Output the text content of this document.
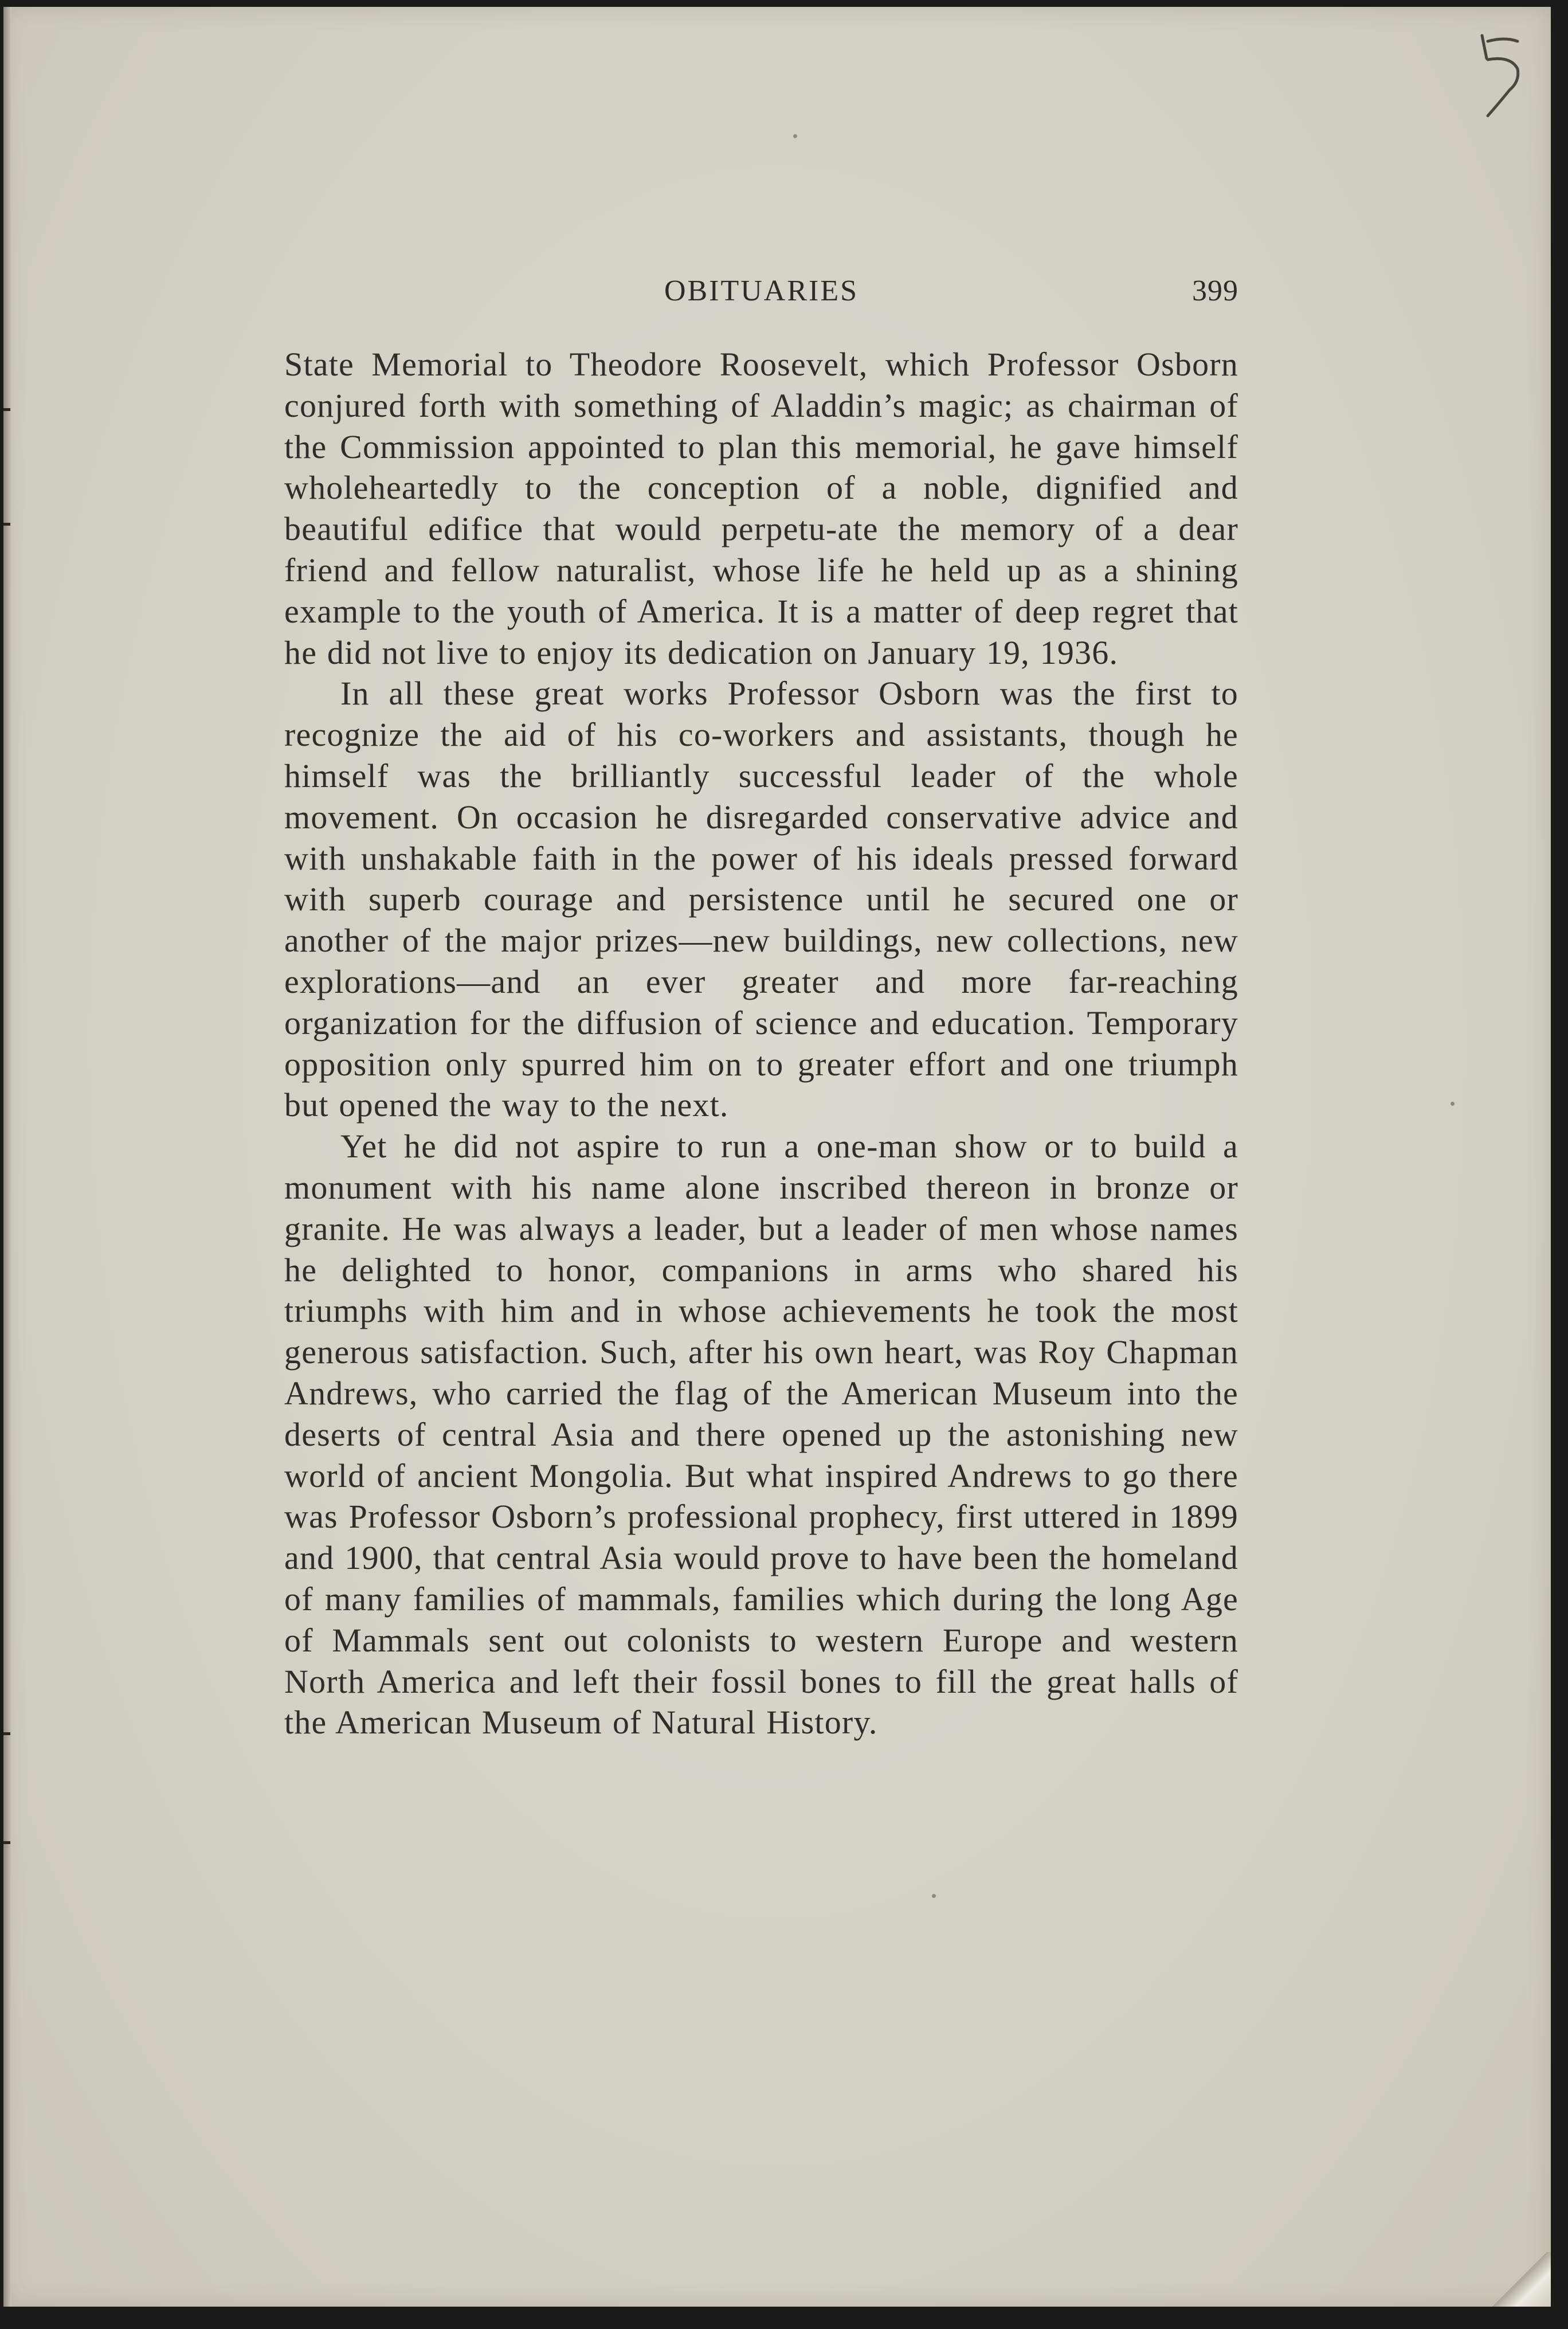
OBITUARIES	399

State Memorial to Theodore Roosevelt, which Professor Osborn conjured forth with something of Aladdin’s magic; as chairman of the Commission appointed to plan this memorial, he gave himself wholeheartedly to the conception of a noble, dignified and beautiful edifice that would perpetu-ate the memory of a dear friend and fellow naturalist, whose life he held up as a shining example to the youth of America. It is a matter of deep regret that he did not live to enjoy its dedication on January 19, 1936.

In all these great works Professor Osborn was the first to recognize the aid of his co-workers and assistants, though he himself was the brilliantly successful leader of the whole movement. On occasion he disregarded conservative advice and with unshakable faith in the power of his ideals pressed forward with superb courage and persistence until he secured one or another of the major prizes—new buildings, new collections, new explorations—and an ever greater and more far-reaching organization for the diffusion of science and education. Temporary opposition only spurred him on to greater effort and one triumph but opened the way to the next.

Yet he did not aspire to run a one-man show or to build a monument with his name alone inscribed thereon in bronze or granite. He was always a leader, but a leader of men whose names he delighted to honor, companions in arms who shared his triumphs with him and in whose achievements he took the most generous satisfaction. Such, after his own heart, was Roy Chapman Andrews, who carried the flag of the American Museum into the deserts of central Asia and there opened up the astonishing new world of ancient Mongolia. But what inspired Andrews to go there was Professor Osborn’s professional prophecy, first uttered in 1899 and 1900, that central Asia would prove to have been the homeland of many families of mammals, families which during the long Age of Mammals sent out colonists to western Europe and western North America and left their fossil bones to fill the great halls of the American Museum of Natural History.
